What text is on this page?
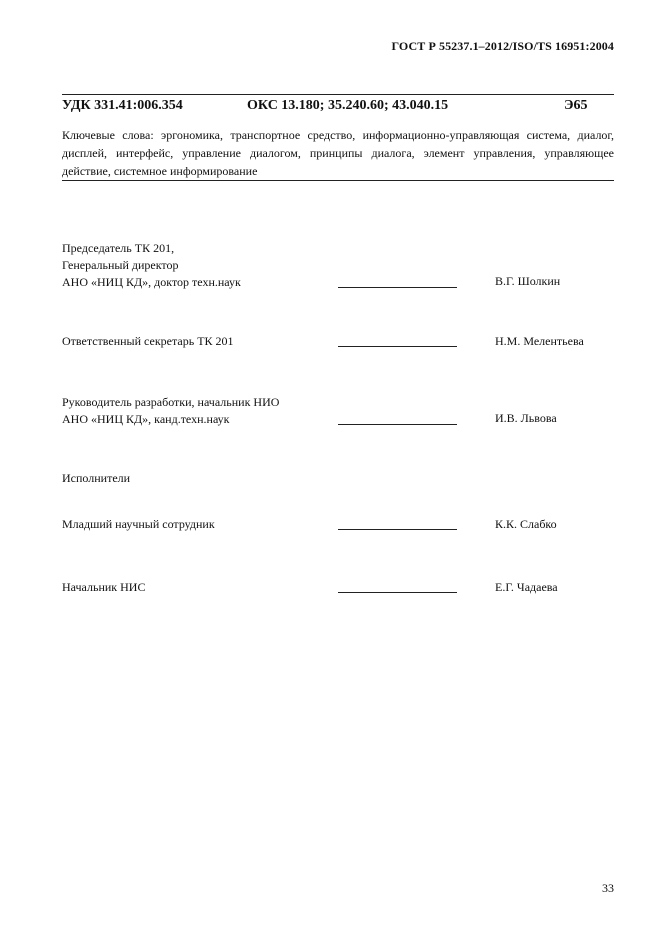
ГОСТ Р 55237.1–2012/ISO/TS 16951:2004
УДК 331.41:006.354	ОКС 13.180; 35.240.60; 43.040.15	Э65
Ключевые слова: эргономика, транспортное средство, информационно-управляющая система, диалог, дисплей, интерфейс, управление диалогом, принципы диалога, элемент управления, управляющее действие, системное информирование
Председатель ТК 201,
Генеральный директор
АНО «НИЦ КД», доктор техн.наук	В.Г. Шолкин
Ответственный секретарь ТК 201	Н.М. Мелентьева
Руководитель разработки, начальник НИО
АНО «НИЦ КД», канд.техн.наук	И.В. Львова
Исполнители
Младший научный сотрудник	К.К. Слабко
Начальник НИС	Е.Г. Чадаева
33
